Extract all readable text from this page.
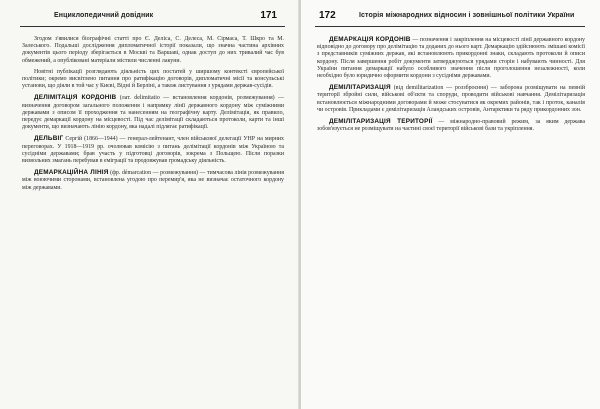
Енциклопедичний довідник	171

Згодом з'явилися біографічні статті про Є. Деліса, С. Делеса, М. Сірмаса, Т. Шкро та М. Залеського. Подальші дослідження дипломатичної історії показали, що значна частина архівних документів цього періоду зберігається в Москві та Варшаві, однак доступ до них тривалий час був обмежений, а опубліковані матеріали містили численні лакуни.

Новітні публікації розглядають діяльність цих постатей у ширшому контексті європейської політики; окремо висвітлено питання про ратифікацію договорів, дипломатичні місії та консульські установи, що діяли в той час у Києві, Відні й Берліні, а також листування з урядами держав-сусідів.

ДЕЛІМІТАЦІЯ КОРДОНІВ (лат. delimitatio — встановлення кордонів, розмежування) — визначення договором загального положення і напрямку лінії державного кордону між суміжними державами з описом її проходження та нанесенням на географічну карту. Делімітація, як правило, передує демаркації кордону на місцевості. Під час делімітації складаються протоколи, карти та інші документи, що визначають лінію кордону, яка надалі підлягає ратифікації.

ДЕЛЬВІГ Сергій (1866—1944) — генерал-лейтенант, член військової делегації УНР на мирних переговорах. У 1918—1919 рр. очолював комісію з питань делімітації кордонів між Україною та сусідніми державами; брав участь у підготовці договорів, зокрема з Польщею. Після поразки визвольних змагань перебував в еміграції та продовжував громадську діяльність.

ДЕМАРКАЦІЙНА ЛІНІЯ (фр. démarcation — розмежування) — тимчасова лінія розмежування між воюючими сторонами, встановлена угодою про перемир'я, яка не визначає остаточного кордону між державами.

172	Історія міжнародних відносин і зовнішньої політики України

ДЕМАРКАЦІЯ КОРДОНІВ — позначення і закріплення на місцевості лінії державного кордону відповідно до договору про делімітацію та доданих до нього карт. Демаркацію здійснюють змішані комісії з представників суміжних держав, які встановлюють прикордонні знаки, складають протоколи й описи кордону. Після завершення робіт документи затверджуються урядами сторін і набувають чинності. Для України питання демаркації набуло особливого значення після проголошення незалежності, коли необхідно було юридично оформити кордони з сусідніми державами.

ДЕМІЛІТАРИЗАЦІЯ (від demilitarization — роззброєння) — заборона розміщувати на певній території збройні сили, військові об'єкти та споруди, проводити військові навчання. Демілітаризація встановлюється міжнародними договорами й може стосуватися як окремих районів, так і проток, каналів чи островів. Прикладами є демілітаризація Аландських островів, Антарктики та ряду прикордонних зон.

ДЕМІЛІТАРИЗАЦІЯ ТЕРИТОРІЇ — міжнародно-правовий режим, за яким держава зобов'язується не розміщувати на частині своєї території військові бази та укріплення.
